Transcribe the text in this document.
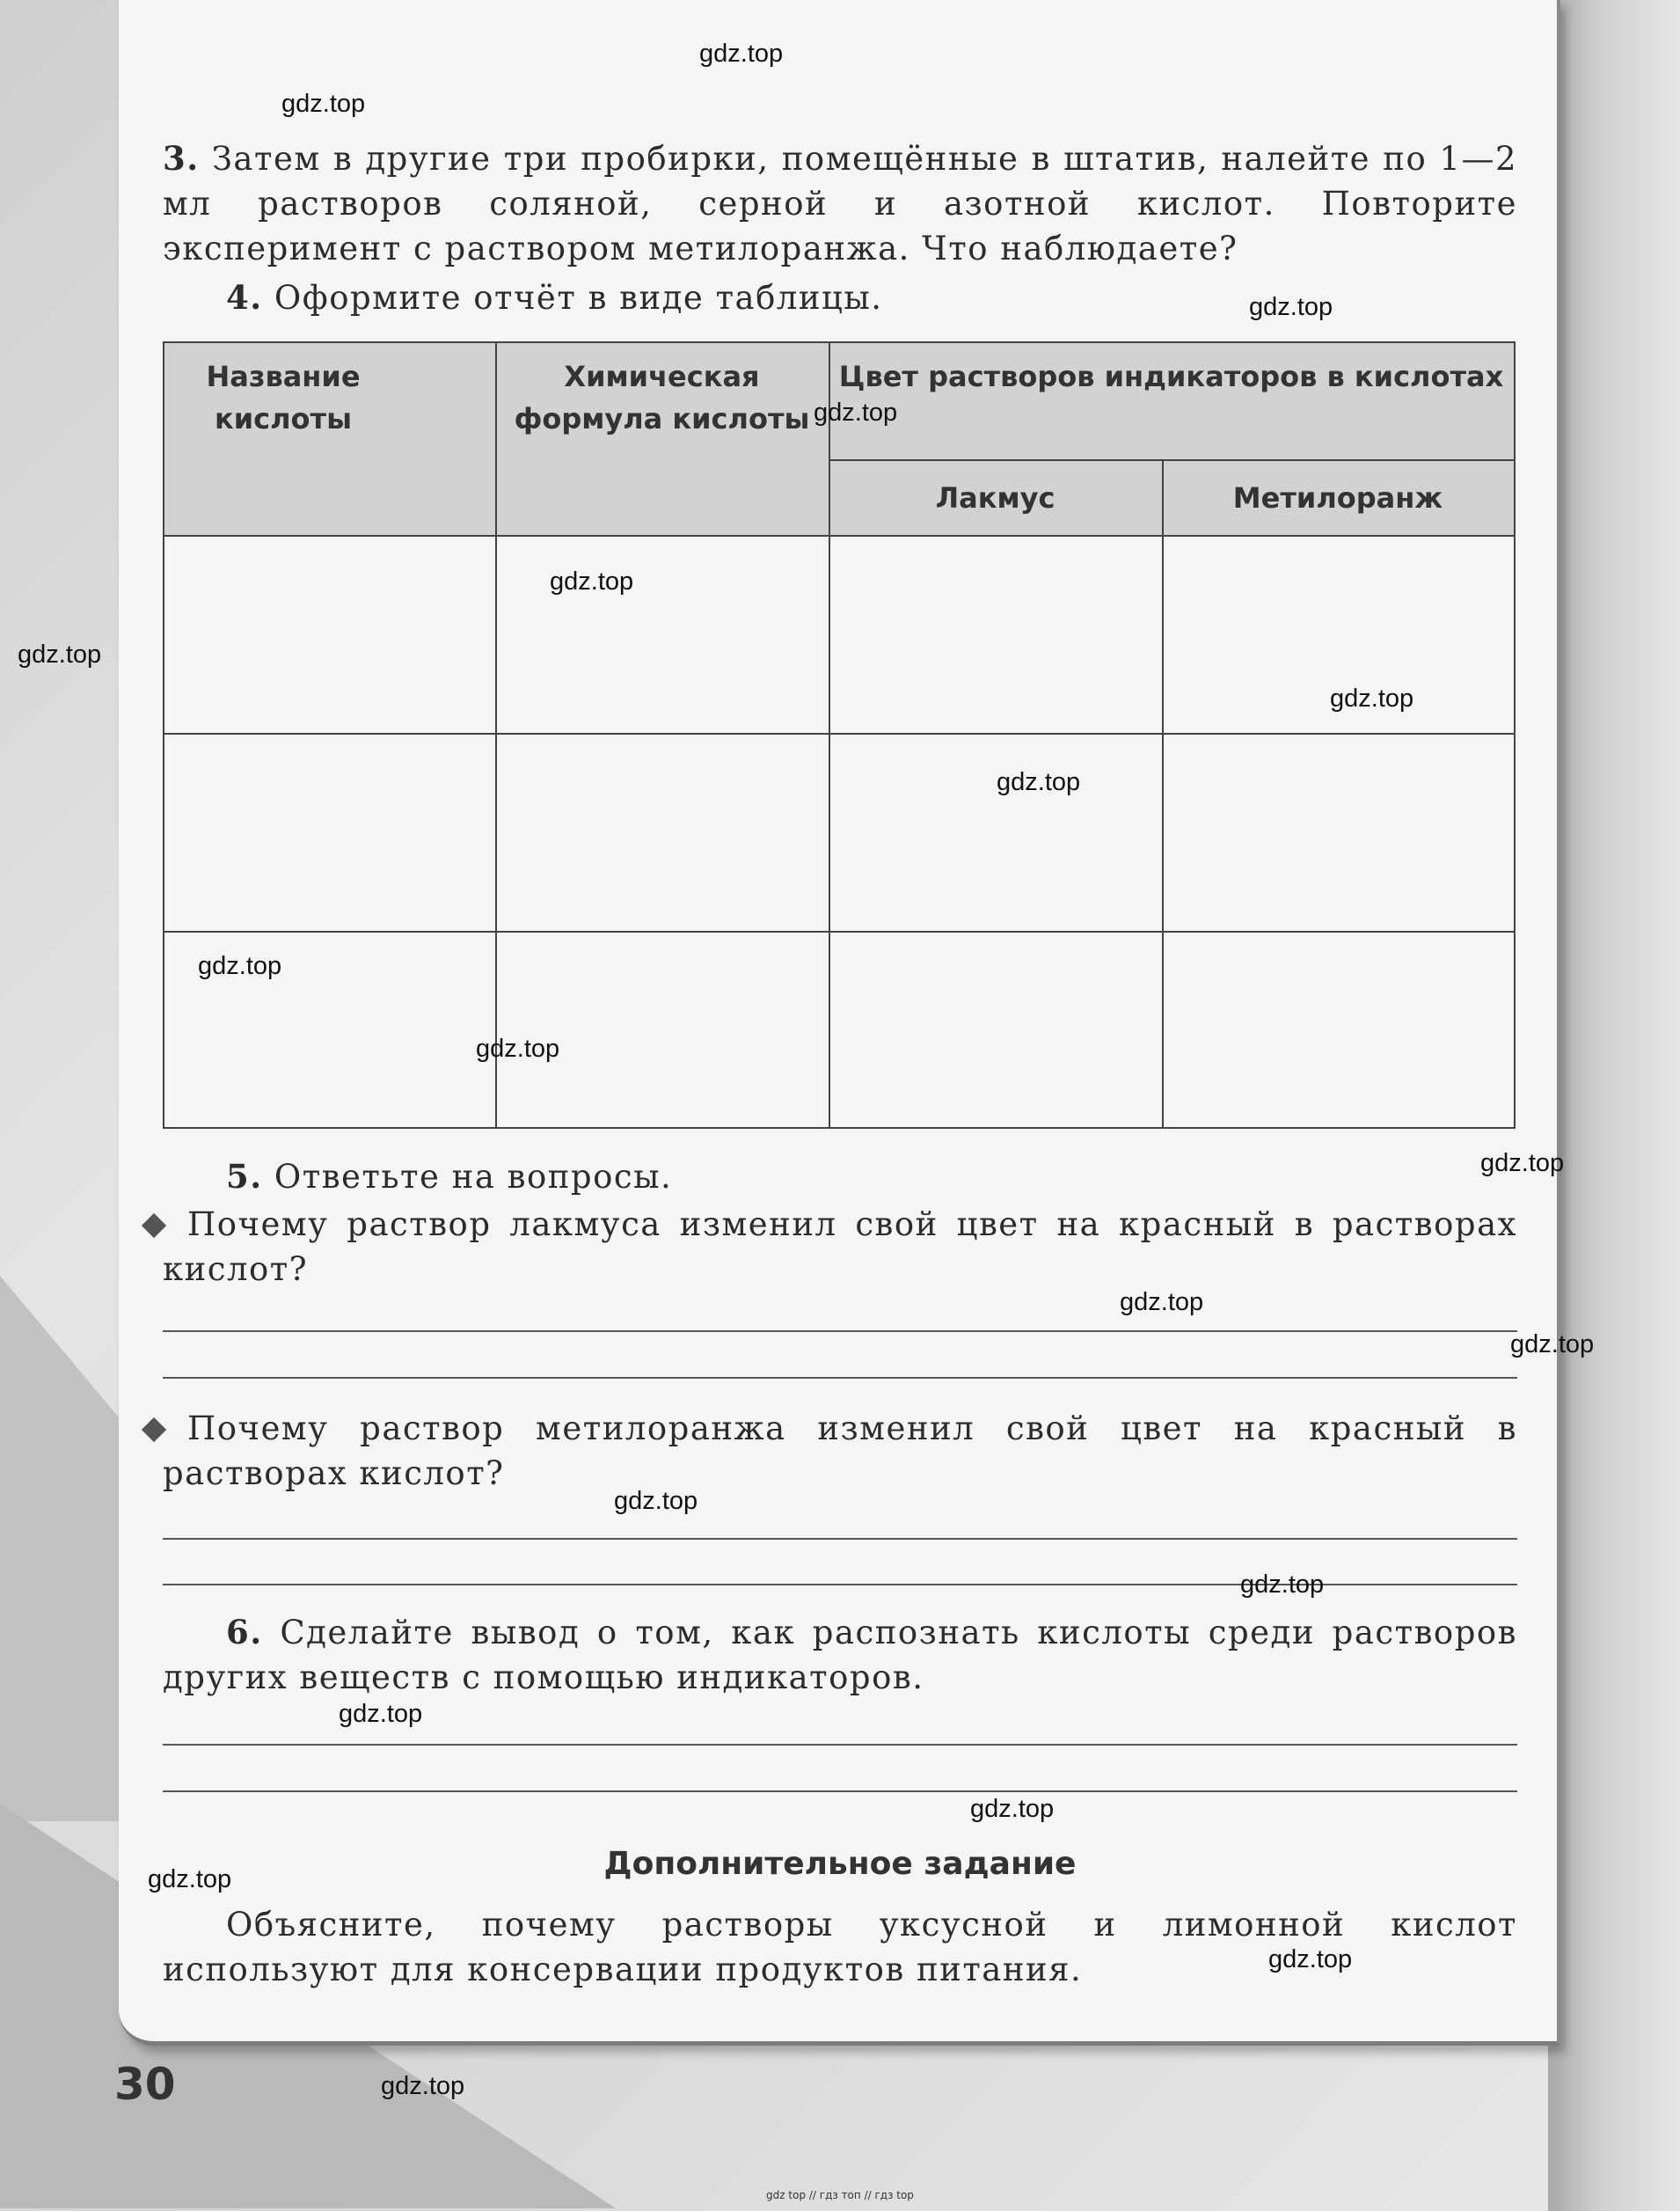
3. Затем в другие три пробирки, помещённые в штатив, налейте по 1—2 мл растворов соляной, серной и азотной кислот. Повторите эксперимент с раствором метилоранжа. Что наблюдаете?
4. Оформите отчёт в виде таблицы.
Название кислоты
Химическая формула кислоты
Цвет растворов индикаторов в кислотах
Лакмус	Метилоранж
5. Ответьте на вопросы.
Почему раствор лакмуса изменил свой цвет на красный в растворах кислот?
Почему раствор метилоранжа изменил свой цвет на красный в растворах кислот?
6. Сделайте вывод о том, как распознать кислоты среди растворов других веществ с помощью индикаторов.
Дополнительное задание
Объясните, почему растворы уксусной и лимонной кислот используют для консервации продуктов питания.
30
gdz.top
gdz.top
gdz.top
gdz.top
gdz.top
gdz.top
gdz.top
gdz.top
gdz.top
gdz.top
gdz.top
gdz.top
gdz.top
gdz.top
gdz.top
gdz.top
gdz.top
gdz.top
gdz.top
gdz.top
gdz top // гдз топ // гдз top
